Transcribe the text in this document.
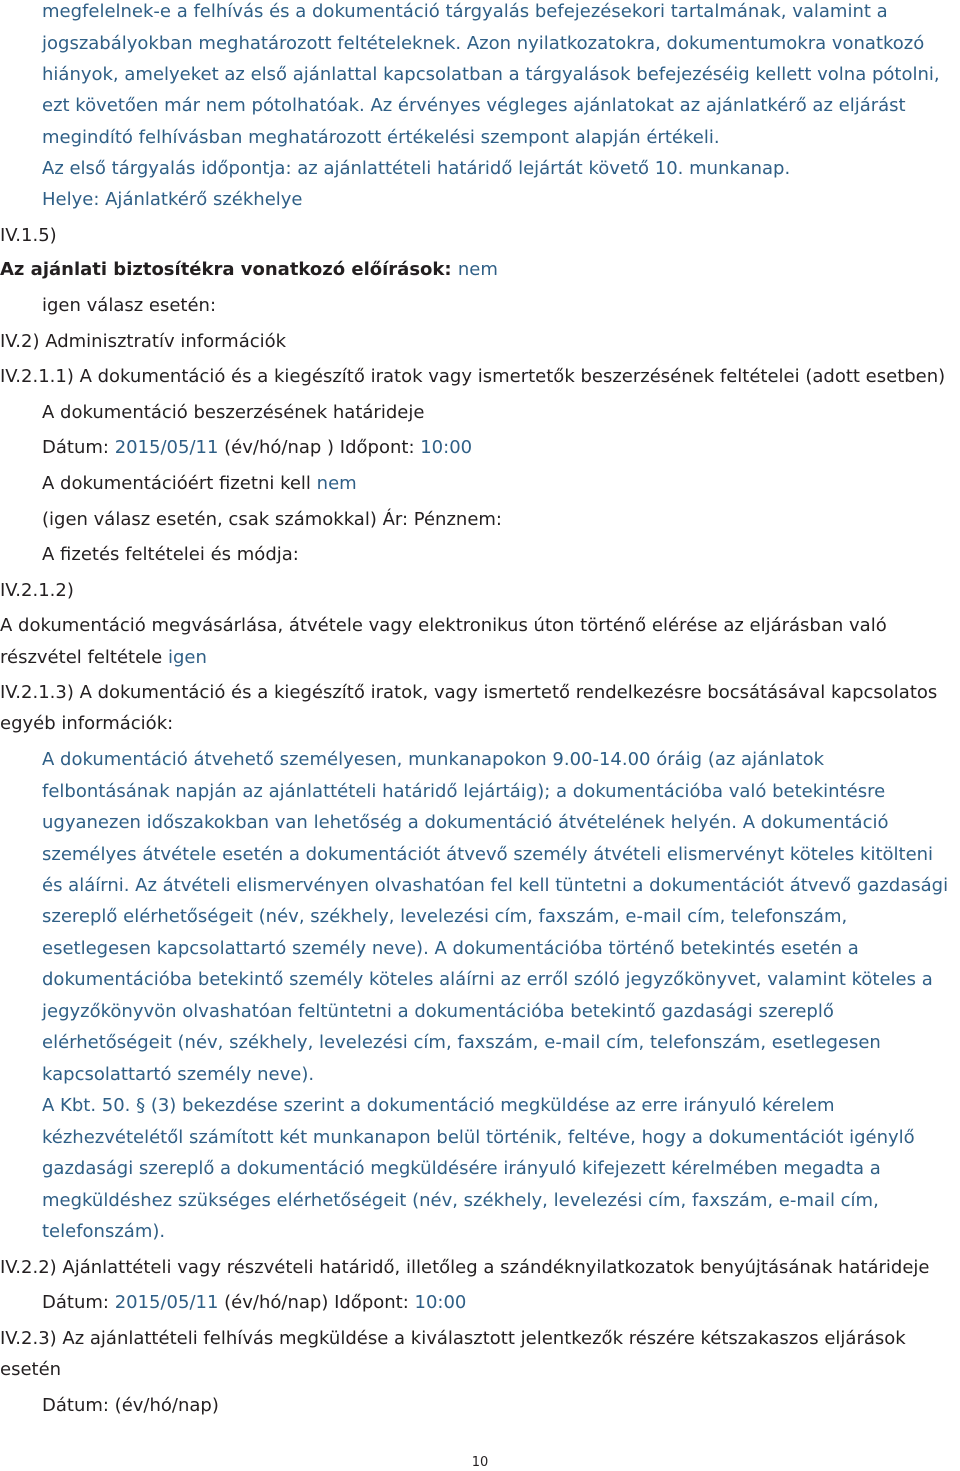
megfelelnek-e a felhívás és a dokumentáció tárgyalás befejezésekori tartalmának, valamint a
jogszabályokban meghatározott feltételeknek. Azon nyilatkozatokra, dokumentumokra vonatkozó
hiányok, amelyeket az első ajánlattal kapcsolatban a tárgyalások befejezéséig kellett volna pótolni,
ezt követően már nem pótolhatóak. Az érvényes végleges ajánlatokat az ajánlatkérő az eljárást
megindító felhívásban meghatározott értékelési szempont alapján értékeli.
Az első tárgyalás időpontja: az ajánlattételi határidő lejártát követő 10. munkanap.
Helye: Ajánlatkérő székhelye
IV.1.5)
Az ajánlati biztosítékra vonatkozó előírások: nem
igen válasz esetén:
IV.2) Adminisztratív információk
IV.2.1.1) A dokumentáció és a kiegészítő iratok vagy ismertetők beszerzésének feltételei (adott esetben)
A dokumentáció beszerzésének határideje
Dátum: 2015/05/11 (év/hó/nap ) Időpont: 10:00
A dokumentációért fizetni kell nem
(igen válasz esetén, csak számokkal) Ár: Pénznem:
A fizetés feltételei és módja:
IV.2.1.2)
A dokumentáció megvásárlása, átvétele vagy elektronikus úton történő elérése az eljárásban való
részvétel feltétele igen
IV.2.1.3) A dokumentáció és a kiegészítő iratok, vagy ismertető rendelkezésre bocsátásával kapcsolatos
egyéb információk:
A dokumentáció átvehető személyesen, munkanapokon 9.00-14.00 óráig (az ajánlatok
felbontásának napján az ajánlattételi határidő lejártáig); a dokumentációba való betekintésre
ugyanezen időszakokban van lehetőség a dokumentáció átvételének helyén. A dokumentáció
személyes átvétele esetén a dokumentációt átvevő személy átvételi elismervényt köteles kitölteni
és aláírni. Az átvételi elismervényen olvashatóan fel kell tüntetni a dokumentációt átvevő gazdasági
szereplő elérhetőségeit (név, székhely, levelezési cím, faxszám, e-mail cím, telefonszám,
esetlegesen kapcsolattartó személy neve). A dokumentációba történő betekintés esetén a
dokumentációba betekintő személy köteles aláírni az erről szóló jegyzőkönyvet, valamint köteles a
jegyzőkönyvön olvashatóan feltüntetni a dokumentációba betekintő gazdasági szereplő
elérhetőségeit (név, székhely, levelezési cím, faxszám, e-mail cím, telefonszám, esetlegesen
kapcsolattartó személy neve).
A Kbt. 50. § (3) bekezdése szerint a dokumentáció megküldése az erre irányuló kérelem
kézhezvételétől számított két munkanapon belül történik, feltéve, hogy a dokumentációt igénylő
gazdasági szereplő a dokumentáció megküldésére irányuló kifejezett kérelmében megadta a
megküldéshez szükséges elérhetőségeit (név, székhely, levelezési cím, faxszám, e-mail cím,
telefonszám).
IV.2.2) Ajánlattételi vagy részvételi határidő, illetőleg a szándéknyilatkozatok benyújtásának határideje
Dátum: 2015/05/11 (év/hó/nap) Időpont: 10:00
IV.2.3) Az ajánlattételi felhívás megküldése a kiválasztott jelentkezők részére kétszakaszos eljárások
esetén
Dátum: (év/hó/nap)
10
